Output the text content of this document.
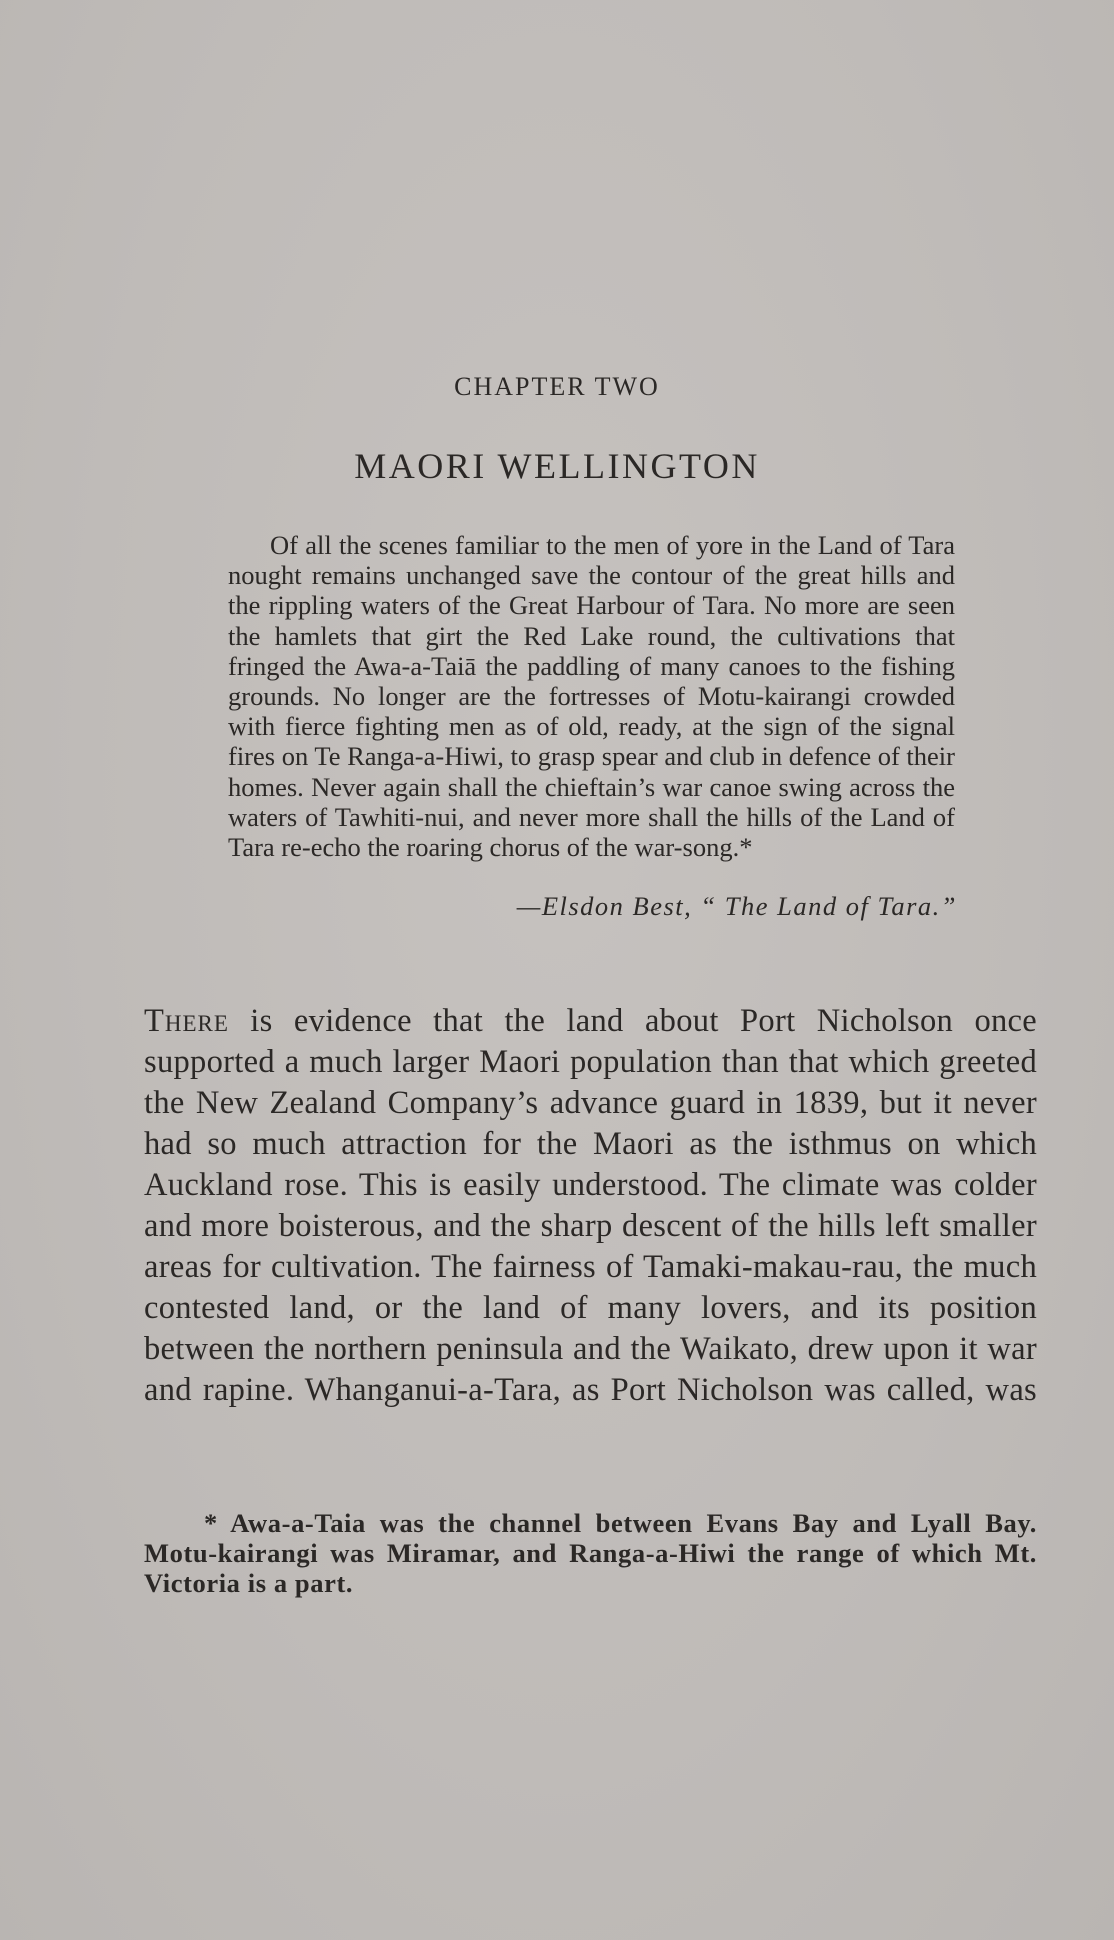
CHAPTER TWO
MAORI WELLINGTON

Of all the scenes familiar to the men of yore in the Land of Tara nought remains unchanged save the contour of the great hills and the rippling waters of the Great Harbour of Tara. No more are seen the hamlets that girt the Red Lake round, the cultivations that fringed the Awa-a-Taiā the paddling of many canoes to the fishing grounds. No longer are the fortresses of Motu-kairangi crowded with fierce fighting men as of old, ready, at the sign of the signal fires on Te Ranga-a-Hiwi, to grasp spear and club in defence of their homes. Never again shall the chieftain’s war canoe swing across the waters of Tawhiti-nui, and never more shall the hills of the Land of Tara re-echo the roaring chorus of the war-song.*

—Elsdon Best, “ The Land of Tara.”

There is evidence that the land about Port Nicholson once supported a much larger Maori population than that which greeted the New Zealand Company’s advance guard in 1839, but it never had so much attraction for the Maori as the isthmus on which Auckland rose. This is easily understood. The climate was colder and more boisterous, and the sharp descent of the hills left smaller areas for cultivation. The fairness of Tamaki-makau-rau, the much contested land, or the land of many lovers, and its position between the northern peninsula and the Waikato, drew upon it war and rapine. Whanganui-a-Tara, as Port Nicholson was called, was

* Awa-a-Taia was the channel between Evans Bay and Lyall Bay. Motu-kairangi was Miramar, and Ranga-a-Hiwi the range of which Mt. Victoria is a part.
